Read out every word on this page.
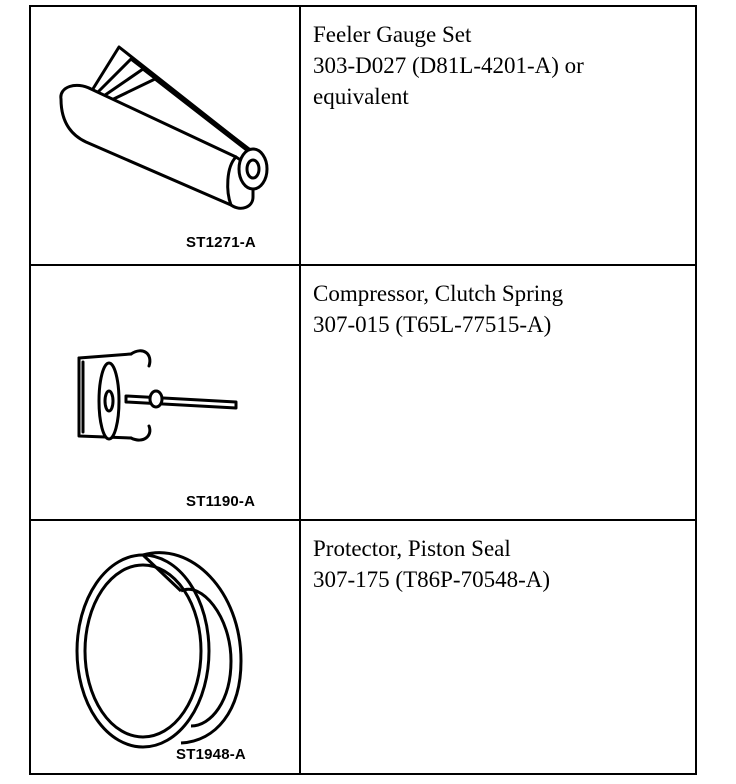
ST1271-A
Feeler Gauge Set
303-D027 (D81L-4201-A) or
equivalent
ST1190-A
Compressor, Clutch Spring
307-015 (T65L-77515-A)
ST1948-A
Protector, Piston Seal
307-175 (T86P-70548-A)
